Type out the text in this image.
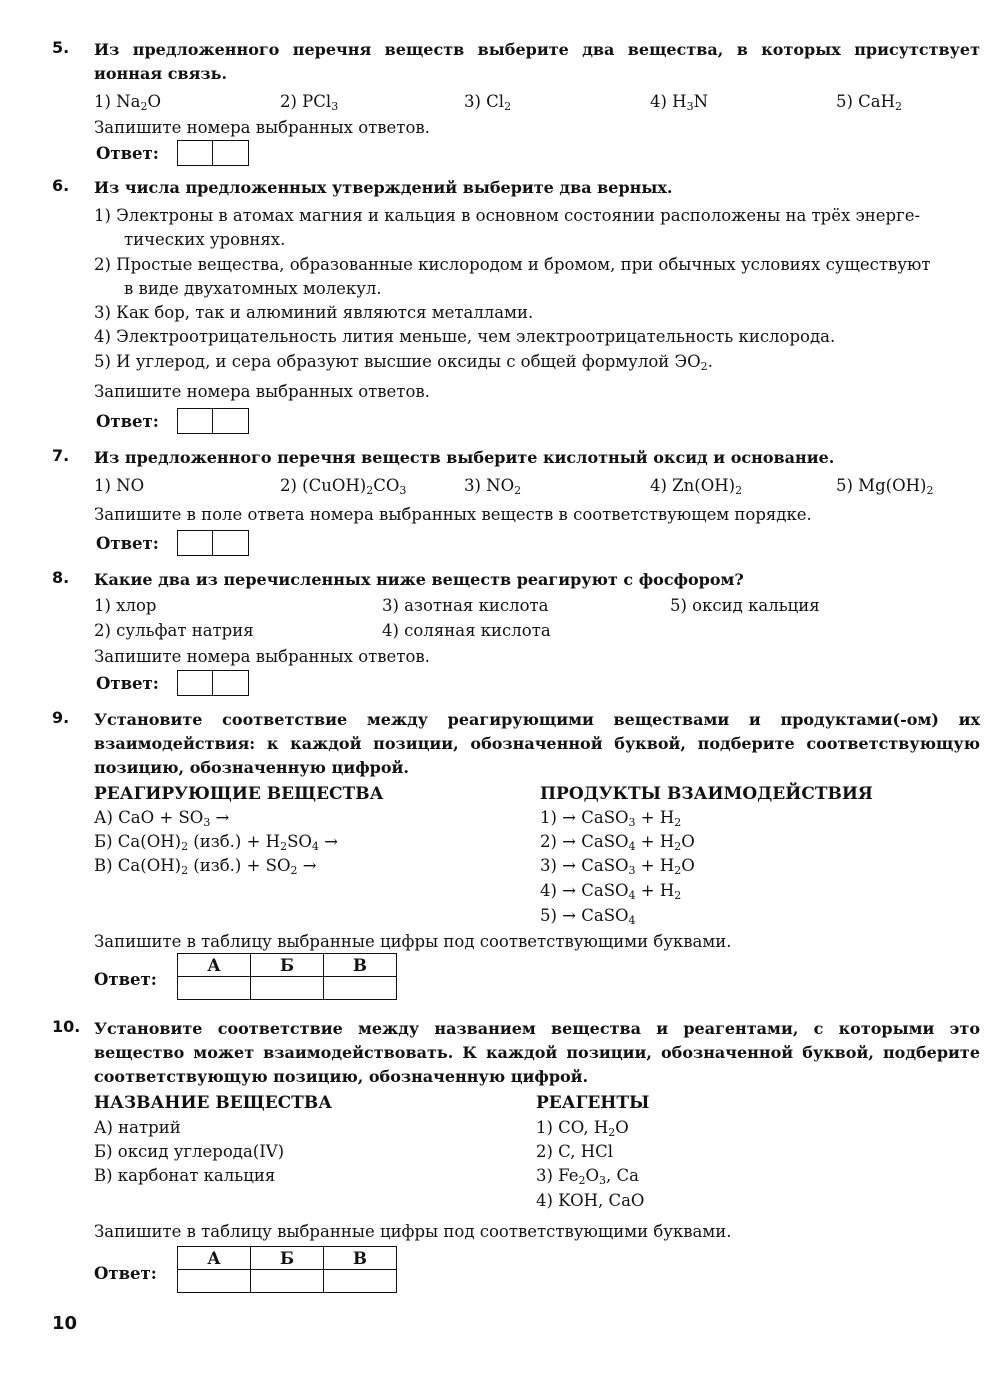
5. Из предложенного перечня веществ выберите два вещества, в которых присутствует ионная связь.
1) $Na_2O$	2) PCl$_3$	3) $Cl_2$	4) $H_3N$	5) CaH$_2$
Запишите номера выбранных ответов.
Ответ:
6. Из числа предложенных утверждений выберите два верных.
1) Электроны в атомах магния и кальция в основном состоянии расположены на трёх энерге-
тических уровнях.
2) Простые вещества, образованные кислородом и бромом, при обычных условиях существуют
в виде двухатомных молекул.
3) Как бор, так и алюминий являются металлами.
4) Электроотрицательность лития меньше, чем электроотрицательность кислорода.
5) И углерод, и сера образуют высшие оксиды с общей формулой $ЭО_2$.
Запишите номера выбранных ответов.
Ответ:
7. Из предложенного перечня веществ выберите кислотный оксид и основание.
1) NO	2) $(CuOH)_2CO_3$	3) $NO_2$	4) $Zn(OH)_2$	5) $Mg(OH)_2$
Запишите в поле ответа номера выбранных веществ в соответствующем порядке.
Ответ:
8. Какие два из перечисленных ниже веществ реагируют с фосфором?
1) хлор	3) азотная кислота	5) оксид кальция
2) сульфат натрия	4) соляная кислота
Запишите номера выбранных ответов.
Ответ:
9. Установите соответствие между реагирующими веществами и продуктами(-ом) их взаимодействия: к каждой позиции, обозначенной буквой, подберите соответствующую позицию, обозначенную цифрой.
РЕАГИРУЮЩИЕ ВЕЩЕСТВА	ПРОДУКТЫ ВЗАИМОДЕЙСТВИЯ
А) CaO + $SO_3$ →
Б) $Ca(OH)_2$ $(изб.) + H_2SO_4$ →
В) $Ca(OH)_2$ $(изб.) + SO_2$ →
1) → CaSO$_3$ + $H_2$
2) → CaSO$_4$ + $H_2O$
3) → CaSO$_3$ + $H_2O$
4) → CaSO$_4$ + $H_2$
5) → CaSO$_4$
Запишите в таблицу выбранные цифры под соответствующими буквами.
Ответ:
А	Б	В

10. Установите соответствие между названием вещества и реагентами, с которыми это вещество может взаимодействовать. К каждой позиции, обозначенной буквой, подберите соответствующую позицию, обозначенную цифрой.
НАЗВАНИЕ ВЕЩЕСТВА	РЕАГЕНТЫ
А) натрий
Б) оксид углерода(IV)
В) карбонат кальция
1) CO, $H_2O$
2) C, HCl
3) $Fe_2O_3$, Ca
4) KOH, CaO
Запишите в таблицу выбранные цифры под соответствующими буквами.
Ответ:
А	Б	В

10
